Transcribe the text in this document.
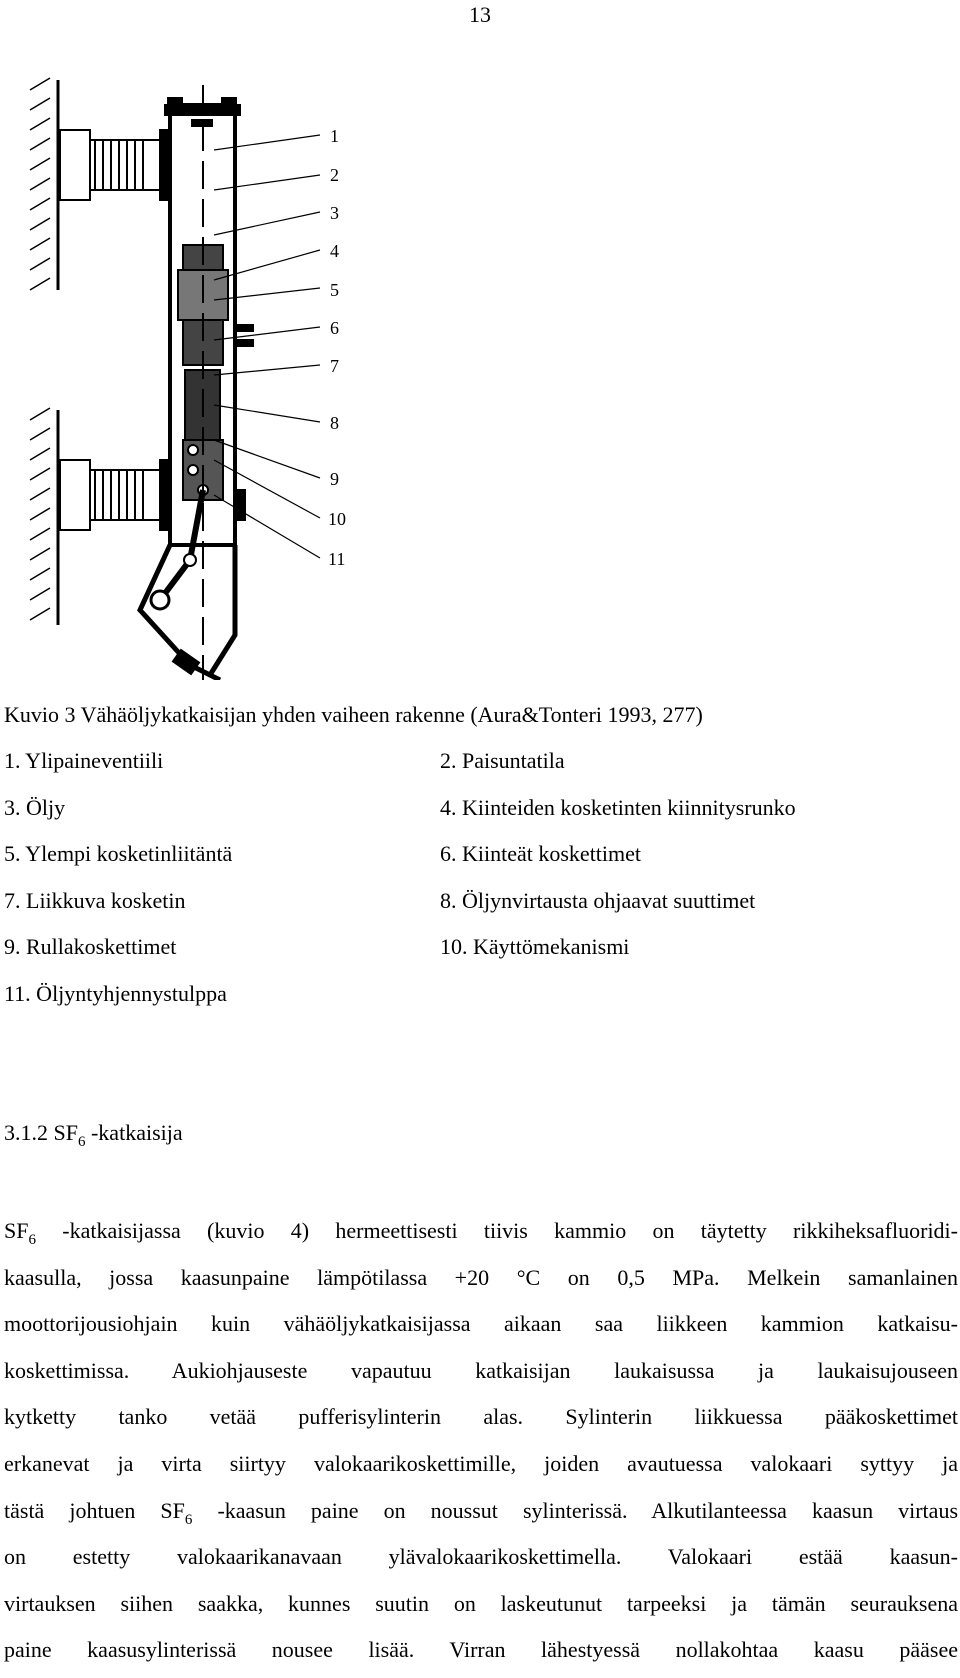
13
1
2
3
4
5
6
7
8
9
10
11
Kuvio 3 Vähäöljykatkaisijan yhden vaiheen rakenne (Aura&Tonteri 1993, 277)
1. Ylipaineventiili	2. Paisuntatila
3. Öljy	4. Kiinteiden kosketinten kiinnitysrunko
5. Ylempi kosketinliitäntä	6. Kiinteät koskettimet
7. Liikkuva kosketin	8. Öljynvirtausta ohjaavat suuttimet
9. Rullakoskettimet	10. Käyttömekanismi
11. Öljyntyhjennystulppa
3.1.2 $SF_6$ -katkaisija
$SF_6$ -katkaisijassa (kuvio 4) hermeettisesti tiivis kammio on täytetty rikkiheksafluoridi-
kaasulla, jossa kaasunpaine lämpötilassa +20 °C on 0,5 MPa. Melkein samanlainen
moottorijousiohjain kuin vähäöljykatkaisijassa aikaan saa liikkeen kammion katkaisu-
koskettimissa. Aukiohjauseste vapautuu katkaisijan laukaisussa ja laukaisujouseen
kytketty tanko vetää pufferisylinterin alas. Sylinterin liikkuessa pääkoskettimet
erkanevat ja virta siirtyy valokaarikoskettimille, joiden avautuessa valokaari syttyy ja
tästä johtuen $SF_6$ -kaasun paine on noussut sylinterissä. Alkutilanteessa kaasun virtaus
on estetty valokaarikanavaan ylävalokaarikoskettimella. Valokaari estää kaasun-
virtauksen siihen saakka, kunnes suutin on laskeutunut tarpeeksi ja tämän seurauksena
paine kaasusylinterissä nousee lisää. Virran lähestyessä nollakohtaa kaasu pääsee
